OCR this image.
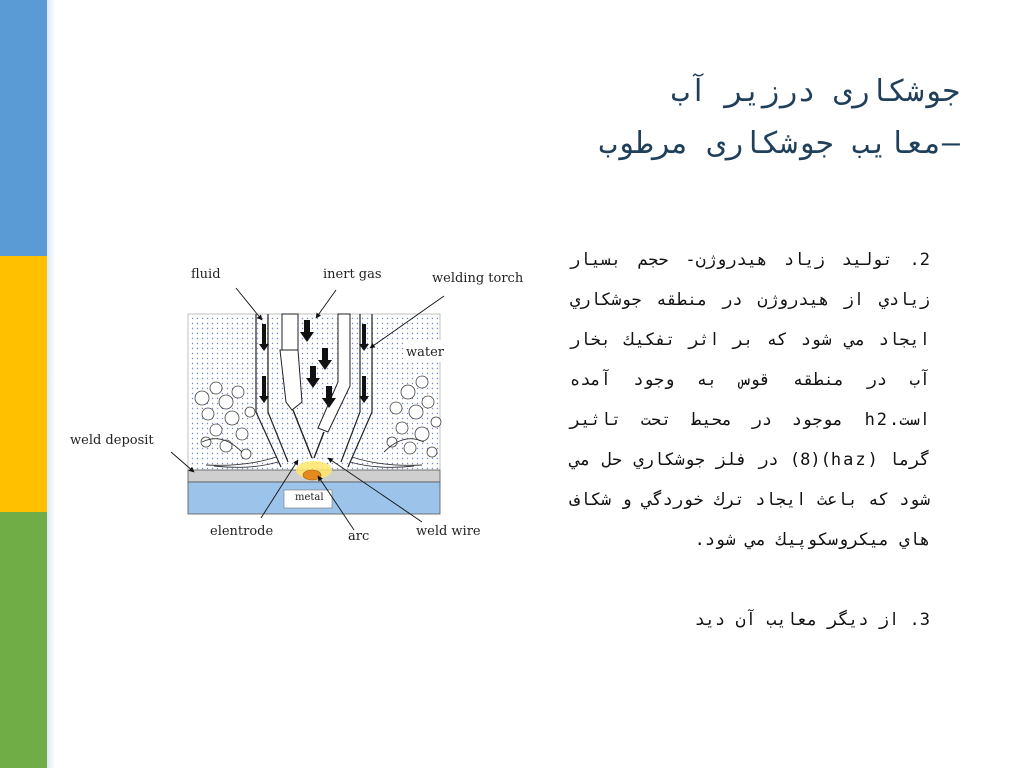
جوشکاری درزیر آب
–معایب جوشکاری مرطوب
fluid	inert gas	welding torch
water
weld deposit
metal
elentrode	arc	weld wire

2. توليد زياد هيدروژن- حجم بسيار زيادي از هيدروژن در منطقه جوشكاري ايجاد مي شود كه بر اثر تفكيك بخار آب در منطقه قوس به وجود آمده است.h2 موجود در محيط تحت تاثير گرما (haz)(8) در فلز جوشكاري حل مي شود كه باعث ايجاد ترك خوردگي و شكاف هاي ميكروسكوپيك مي شود.

3. از ديگر معايب آن ديد
